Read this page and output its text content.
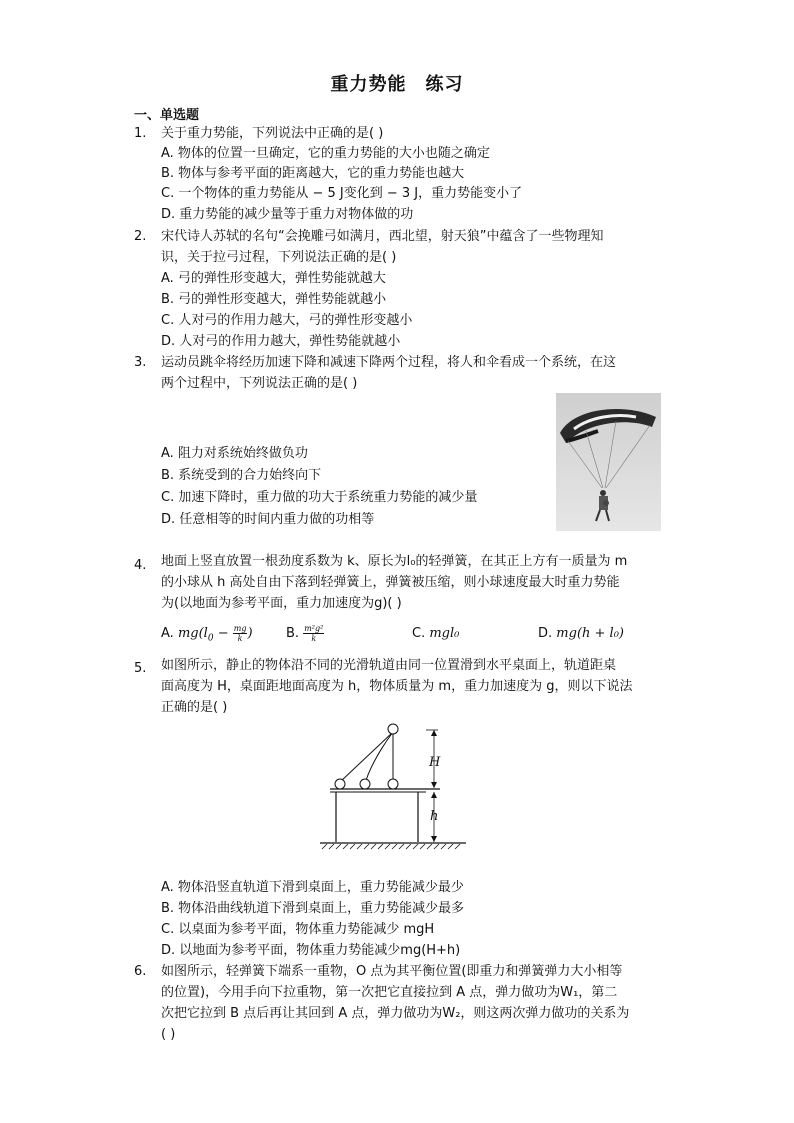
重力势能　练习
一、单选题
1. 关于重力势能，下列说法中正确的是( )
A. 物体的位置一旦确定，它的重力势能的大小也随之确定
B. 物体与参考平面的距离越大，它的重力势能也越大
C. 一个物体的重力势能从 − 5 J变化到 − 3 J，重力势能变小了
D. 重力势能的减少量等于重力对物体做的功
2. 宋代诗人苏轼的名句“会挽雕弓如满月，西北望，射天狼”中蕴含了一些物理知
识，关于拉弓过程，下列说法正确的是( )
A. 弓的弹性形变越大，弹性势能就越大
B. 弓的弹性形变越大，弹性势能就越小
C. 人对弓的作用力越大，弓的弹性形变越小
D. 人对弓的作用力越大，弹性势能就越小
3. 运动员跳伞将经历加速下降和减速下降两个过程，将人和伞看成一个系统，在这
两个过程中，下列说法正确的是( )
A. 阻力对系统始终做负功
B. 系统受到的合力始终向下
C. 加速下降时，重力做的功大于系统重力势能的减少量
D. 任意相等的时间内重力做的功相等
4. 地面上竖直放置一根劲度系数为 k、原长为l₀的轻弹簧，在其正上方有一质量为 m
的小球从 h 高处自由下落到轻弹簧上，弹簧被压缩，则小球速度最大时重力势能
为(以地面为参考平面，重力加速度为g)( )
A. $mg(l_0 - \frac{mg}{k}$ )	B. $\frac{\text{m²g²}}{k}$	C. mgl₀	D. mg(h + l₀)
5. 如图所示，静止的物体沿不同的光滑轨道由同一位置滑到水平桌面上，轨道距桌
面高度为 H，桌面距地面高度为 h，物体质量为 m，重力加速度为 g，则以下说法
正确的是( )
H
h
A. 物体沿竖直轨道下滑到桌面上，重力势能减少最少
B. 物体沿曲线轨道下滑到桌面上，重力势能减少最多
C. 以桌面为参考平面，物体重力势能减少 mgH
D. 以地面为参考平面，物体重力势能减少mg(H+h)
6. 如图所示，轻弹簧下端系一重物，O 点为其平衡位置(即重力和弹簧弹力大小相等
的位置)，今用手向下拉重物，第一次把它直接拉到 A 点，弹力做功为W₁，第二
次把它拉到 B 点后再让其回到 A 点，弹力做功为W₂，则这两次弹力做功的关系为
( )
